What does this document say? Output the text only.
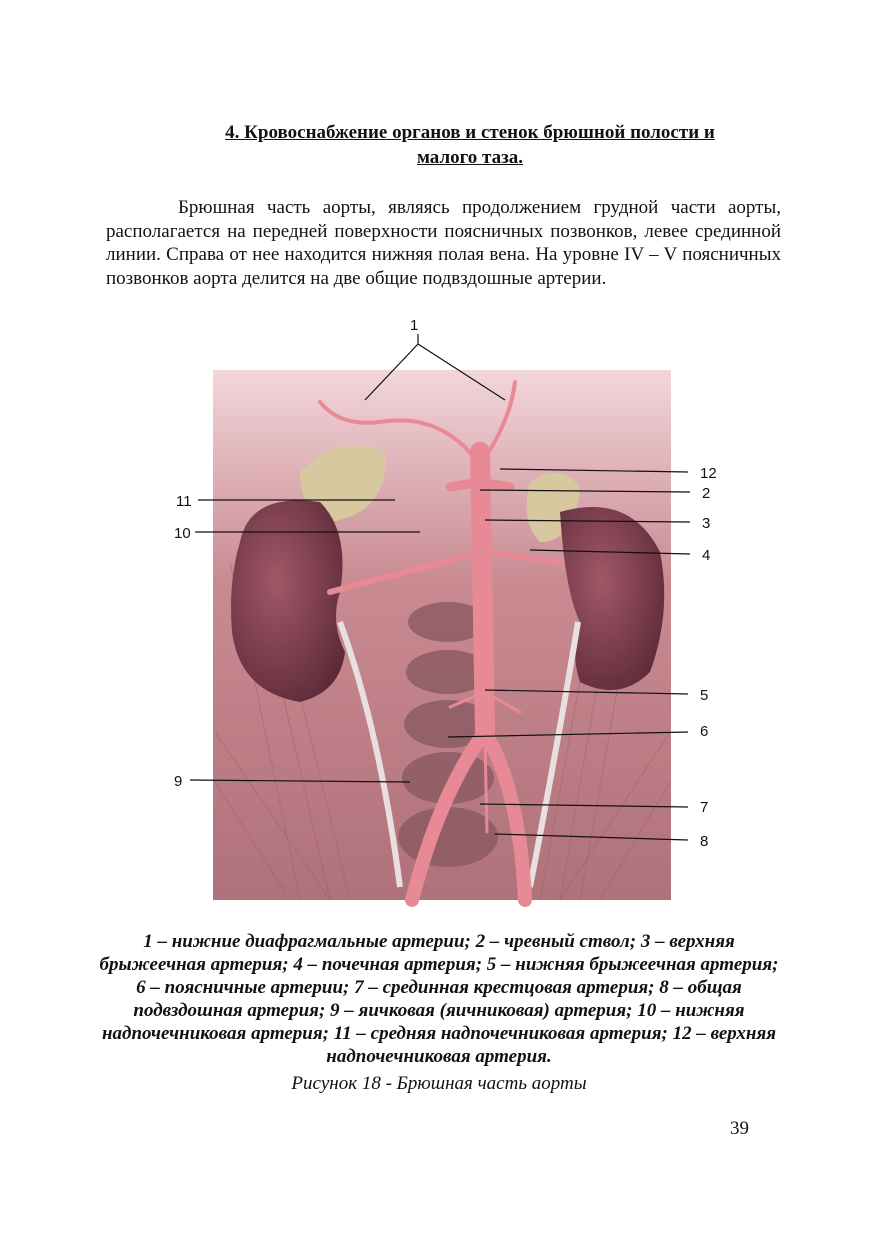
4. Кровоснабжение органов и стенок брюшной полости и
малого таза.
Брюшная часть аорты, являясь продолжением грудной части аорты, располагается на передней поверхности поясничных позвонков, левее срединной линии. Справа от нее находится нижняя полая вена. На уровне IV – V поясничных позвонков аорта делится на две общие подвздошные артерии.
1
12
2
11
3
10
4
5
6
9
7
8
1 – нижние диафрагмальные артерии; 2 – чревный ствол; 3 – верхняя брыжеечная артерия; 4 – почечная артерия; 5 – нижняя брыжеечная артерия; 6 – поясничные артерии; 7 – срединная крестцовая артерия; 8 – общая подвздошная артерия; 9 – яичковая (яичниковая) артерия; 10 – нижняя надпочечниковая артерия; 11 – средняя надпочечниковая артерия; 12 – верхняя надпочечниковая артерия.
Рисунок 18 - Брюшная часть аорты
39
